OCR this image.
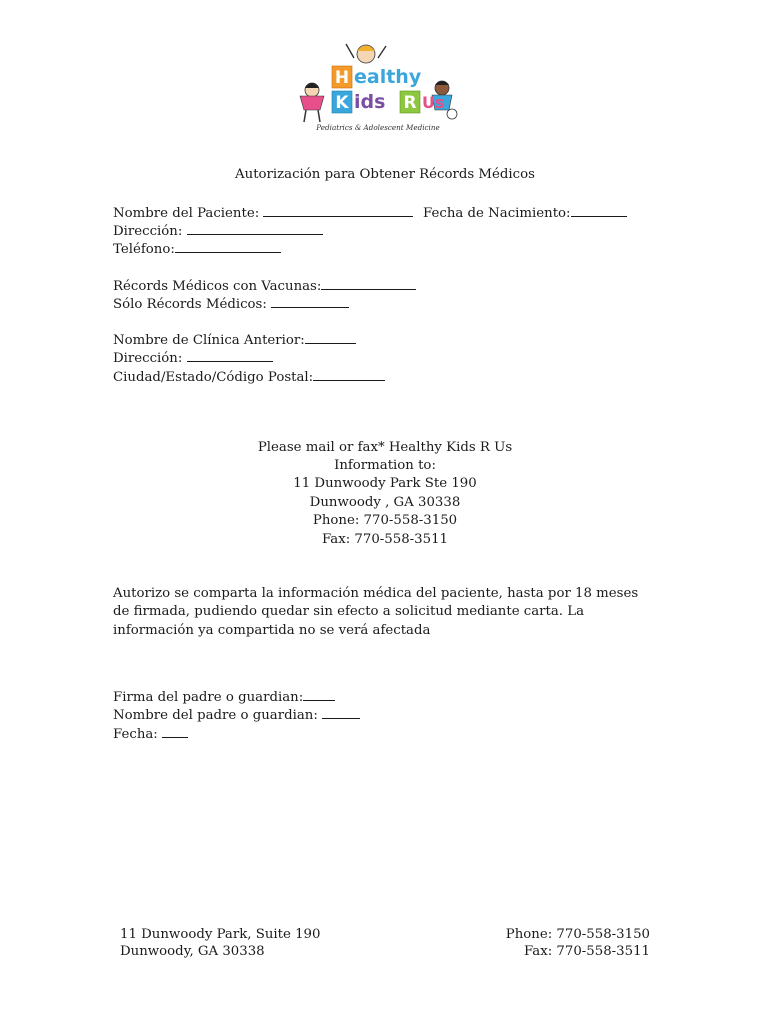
H
K	R
ealthy
ids Us
Pediatrics & Adolescent Medicine
Autorización para Obtener Récords Médicos
Nombre del Paciente:	Fecha de Nacimiento:
Dirección:
Teléfono:
Récords Médicos con Vacunas:
Sólo Récords Médicos:
Nombre de Clínica Anterior:
Dirección:
Ciudad/Estado/Código Postal:
Please mail or fax* Healthy Kids R Us
Information to:
11 Dunwoody Park Ste 190
Dunwoody , GA 30338
Phone: 770-558-3150
Fax: 770-558-3511
Autorizo se comparta la información médica del paciente, hasta por 18 meses de firmada, pudiendo quedar sin efecto a solicitud mediante carta. La información ya compartida no se verá afectada
Firma del padre o guardian:
Nombre del padre o guardian:
Fecha:
11 Dunwoody Park, Suite 190
Dunwoody, GA 30338
Phone: 770-558-3150
Fax: 770-558-3511
